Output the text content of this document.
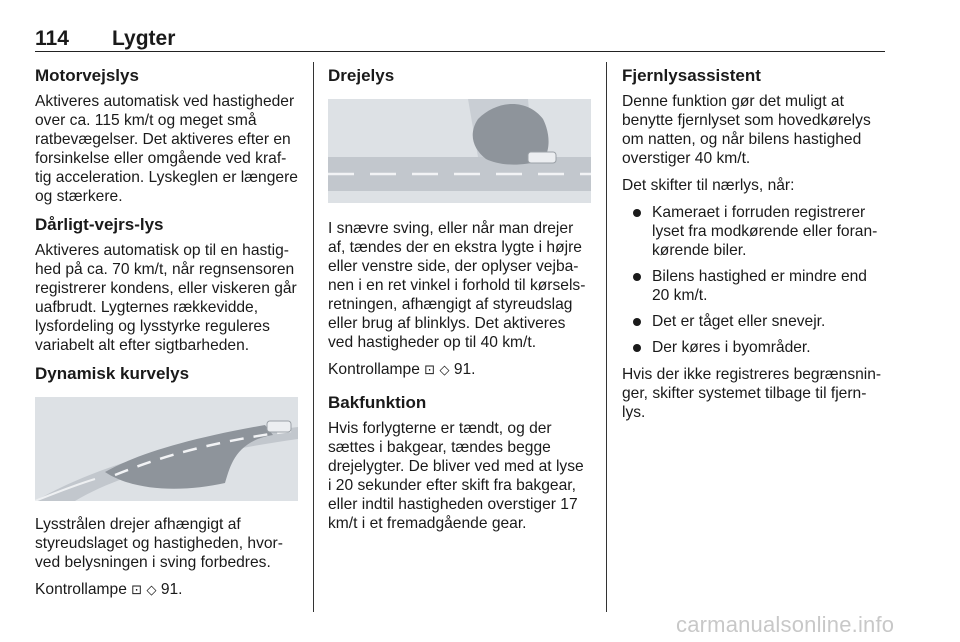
114 Lygter
Motorvejslys

Aktiveres automatisk ved hastigheder over ca. 115 km/t og meget små ratbevægelser. Det aktiveres efter en forsinkelse eller omgående ved kraf-tig acceleration. Lyskeglen er længere og stærkere.

Dårligt-vejrs-lys

Aktiveres automatisk op til en hastig-hed på ca. 70 km/t, når regnsensoren registrerer kondens, eller viskeren går uafbrudt. Lygternes rækkevidde, lysfordeling og lysstyrke reguleres variabelt alt efter sigtbarheden.

Dynamisk kurvelys

Lysstrålen drejer afhængigt af styreudslaget og hastigheden, hvor-ved belysningen i sving forbedres.

Kontrollampe ⊡ ◇ 91.

Drejelys

I snævre sving, eller når man drejer af, tændes der en ekstra lygte i højre eller venstre side, der oplyser vejba-nen i en ret vinkel i forhold til kørsels-retningen, afhængigt af styreudslag eller brug af blinklys. Det aktiveres ved hastigheder op til 40 km/t.

Kontrollampe ⊡ ◇ 91.

Bakfunktion

Hvis forlygterne er tændt, og der sættes i bakgear, tændes begge drejelygter. De bliver ved med at lyse i 20 sekunder efter skift fra bakgear, eller indtil hastigheden overstiger 17 km/t i et fremadgående gear.

Fjernlysassistent

Denne funktion gør det muligt at benytte fjernlyset som hovedkørelys om natten, og når bilens hastighed overstiger 40 km/t.

Det skifter til nærlys, når:

Kameraet i forruden registrerer lyset fra modkørende eller foran-kørende biler.
Bilens hastighed er mindre end 20 km/t.
Det er tåget eller snevejr.
Der køres i byområder.

Hvis der ikke registreres begrænsnin-ger, skifter systemet tilbage til fjern-lys.

carmanualsonline.info
